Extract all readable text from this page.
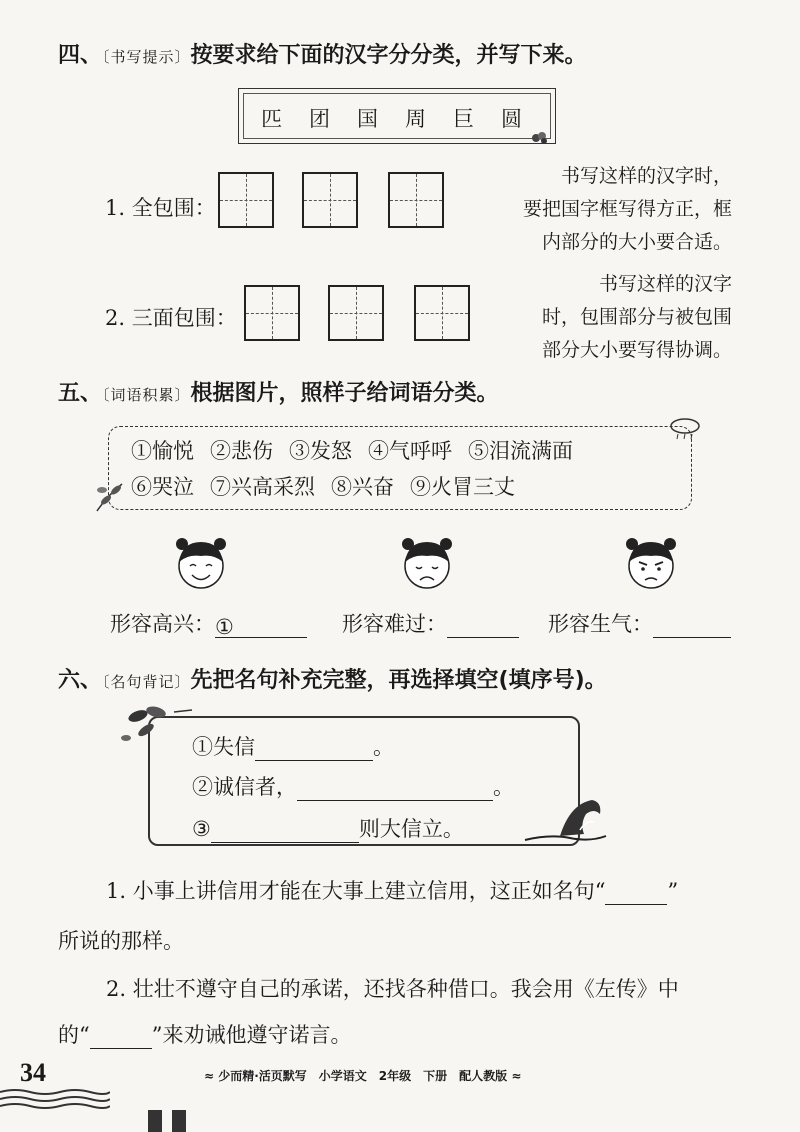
四、〔书写提示〕按要求给下面的汉字分分类，并写下来。
匹 团 国 周 巨 圆
1. 全包围：
书写这样的汉字时，
要把国字框写得方正，框
内部分的大小要合适。
2. 三面包围：
书写这样的汉字
时，包围部分与被包围
部分大小要写得协调。
五、〔词语积累〕根据图片，照样子给词语分类。
①愉悦 ②悲伤 ③发怒 ④气呼呼 ⑤泪流满面
⑥哭泣 ⑦兴高采烈 ⑧兴奋 ⑨火冒三丈
形容高兴：①	形容难过：	形容生气：
六、〔名句背记〕先把名句补充完整，再选择填空(填序号)。
①失信	。
②诚信者，	。
③	则大信立。
1. 小事上讲信用才能在大事上建立信用，这正如名句“	”
所说的那样。
2. 壮壮不遵守自己的承诺，还找各种借口。我会用《左传》中
的“	”来劝诫他遵守诺言。
34	≈ 少而精·活页默写　小学语文　2年级　下册　配人教版 ≈
